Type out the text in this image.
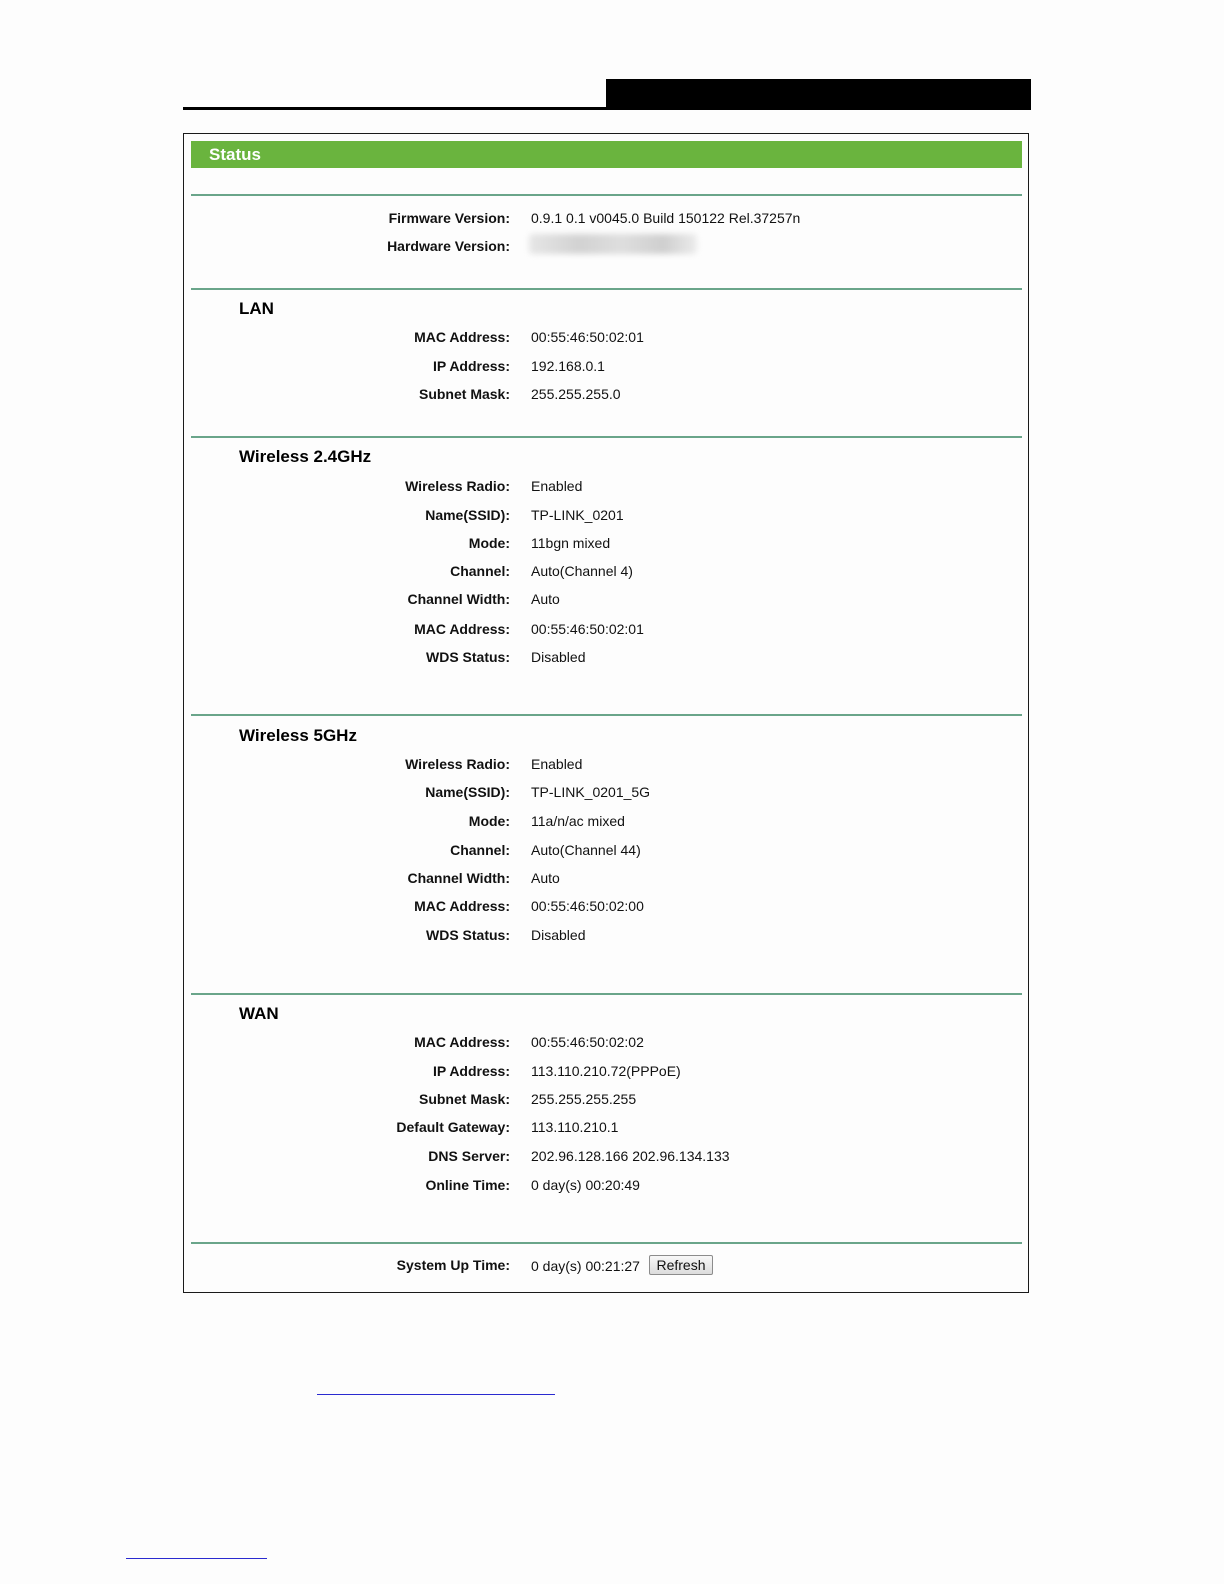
Status
Firmware Version: 0.9.1 0.1 v0045.0 Build 150122 Rel.37257n
Hardware Version:
LAN
MAC Address: 00:55:46:50:02:01
IP Address: 192.168.0.1
Subnet Mask: 255.255.255.0
Wireless 2.4GHz
Wireless Radio: Enabled
Name(SSID): TP-LINK_0201
Mode: 11bgn mixed
Channel: Auto(Channel 4)
Channel Width: Auto
MAC Address: 00:55:46:50:02:01
WDS Status: Disabled
Wireless 5GHz
Wireless Radio: Enabled
Name(SSID): TP-LINK_0201_5G
Mode: 11a/n/ac mixed
Channel: Auto(Channel 44)
Channel Width: Auto
MAC Address: 00:55:46:50:02:00
WDS Status: Disabled
WAN
MAC Address: 00:55:46:50:02:02
IP Address: 113.110.210.72(PPPoE)
Subnet Mask: 255.255.255.255
Default Gateway: 113.110.210.1
DNS Server: 202.96.128.166 202.96.134.133
Online Time: 0 day(s) 00:20:49
System Up Time: 0 day(s) 00:21:27	Refresh
